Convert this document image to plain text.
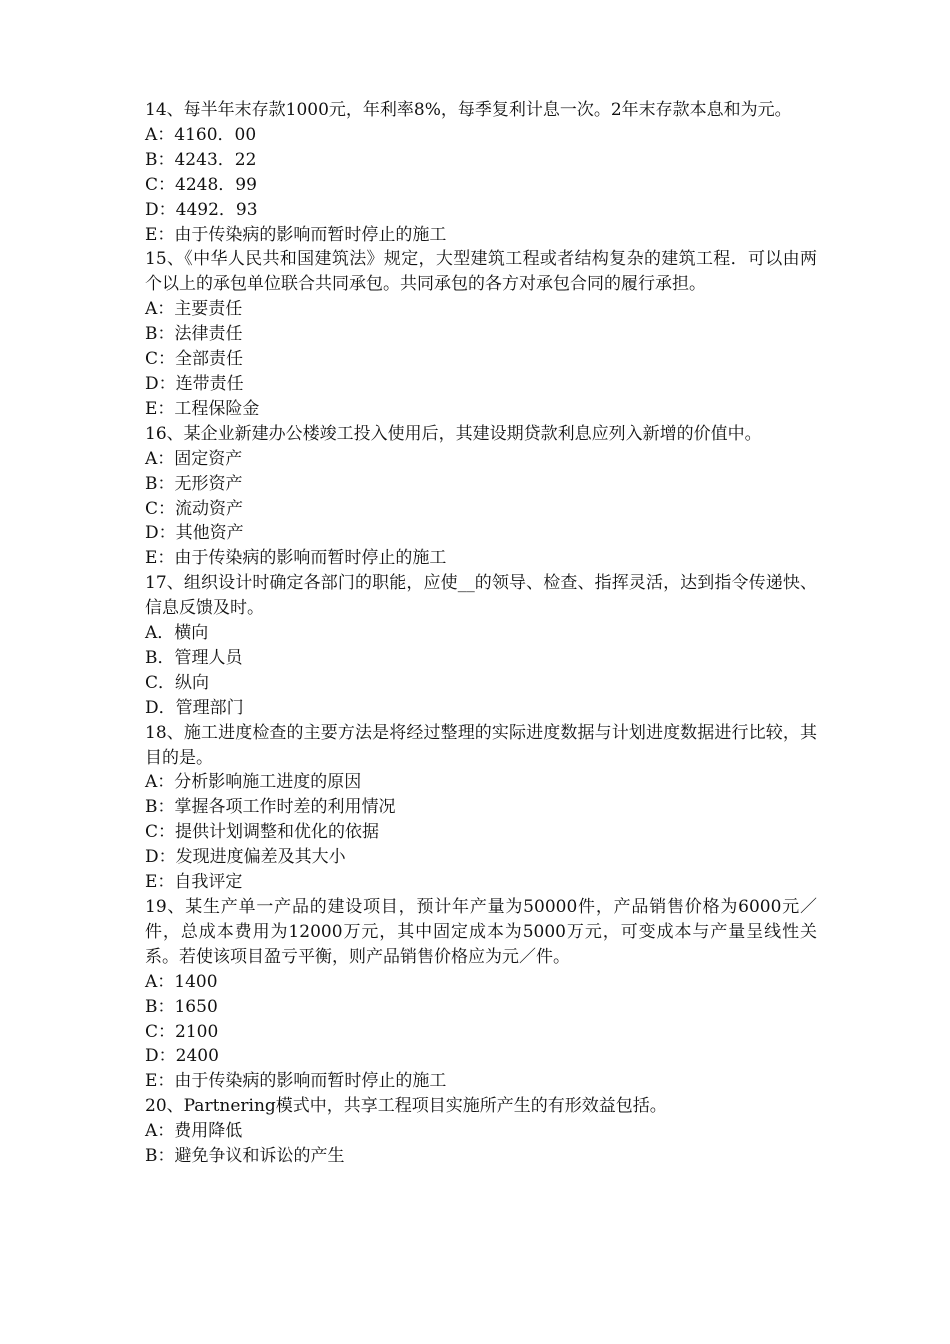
14、每半年末存款1000元，年利率8%，每季复利计息一次。2年末存款本息和为元。

A：4160．00

B：4243．22

C：4248．99

D：4492．93

E：由于传染病的影响而暂时停止的施工

15、《中华人民共和国建筑法》规定，大型建筑工程或者结构复杂的建筑工程．可以由两个以上的承包单位联合共同承包。共同承包的各方对承包合同的履行承担。

A：主要责任

B：法律责任

C：全部责任

D：连带责任

E：工程保险金

16、某企业新建办公楼竣工投入使用后，其建设期贷款利息应列入新增的价值中。

A：固定资产

B：无形资产

C：流动资产

D：其他资产

E：由于传染病的影响而暂时停止的施工

17、组织设计时确定各部门的职能，应使__的领导、检查、指挥灵活，达到指令传递快、信息反馈及时。

A．横向

B．管理人员

C．纵向

D．管理部门

18、施工进度检查的主要方法是将经过整理的实际进度数据与计划进度数据进行比较，其目的是。

A：分析影响施工进度的原因

B：掌握各项工作时差的利用情况

C：提供计划调整和优化的依据

D：发现进度偏差及其大小

E：自我评定

19、某生产单一产品的建设项目，预计年产量为50000件，产品销售价格为6000元／件，总成本费用为12000万元，其中固定成本为5000万元，可变成本与产量呈线性关系。若使该项目盈亏平衡，则产品销售价格应为元／件。

A：1400

B：1650

C：2100

D：2400

E：由于传染病的影响而暂时停止的施工

20、Partnering模式中，共享工程项目实施所产生的有形效益包括。

A：费用降低

B：避免争议和诉讼的产生
